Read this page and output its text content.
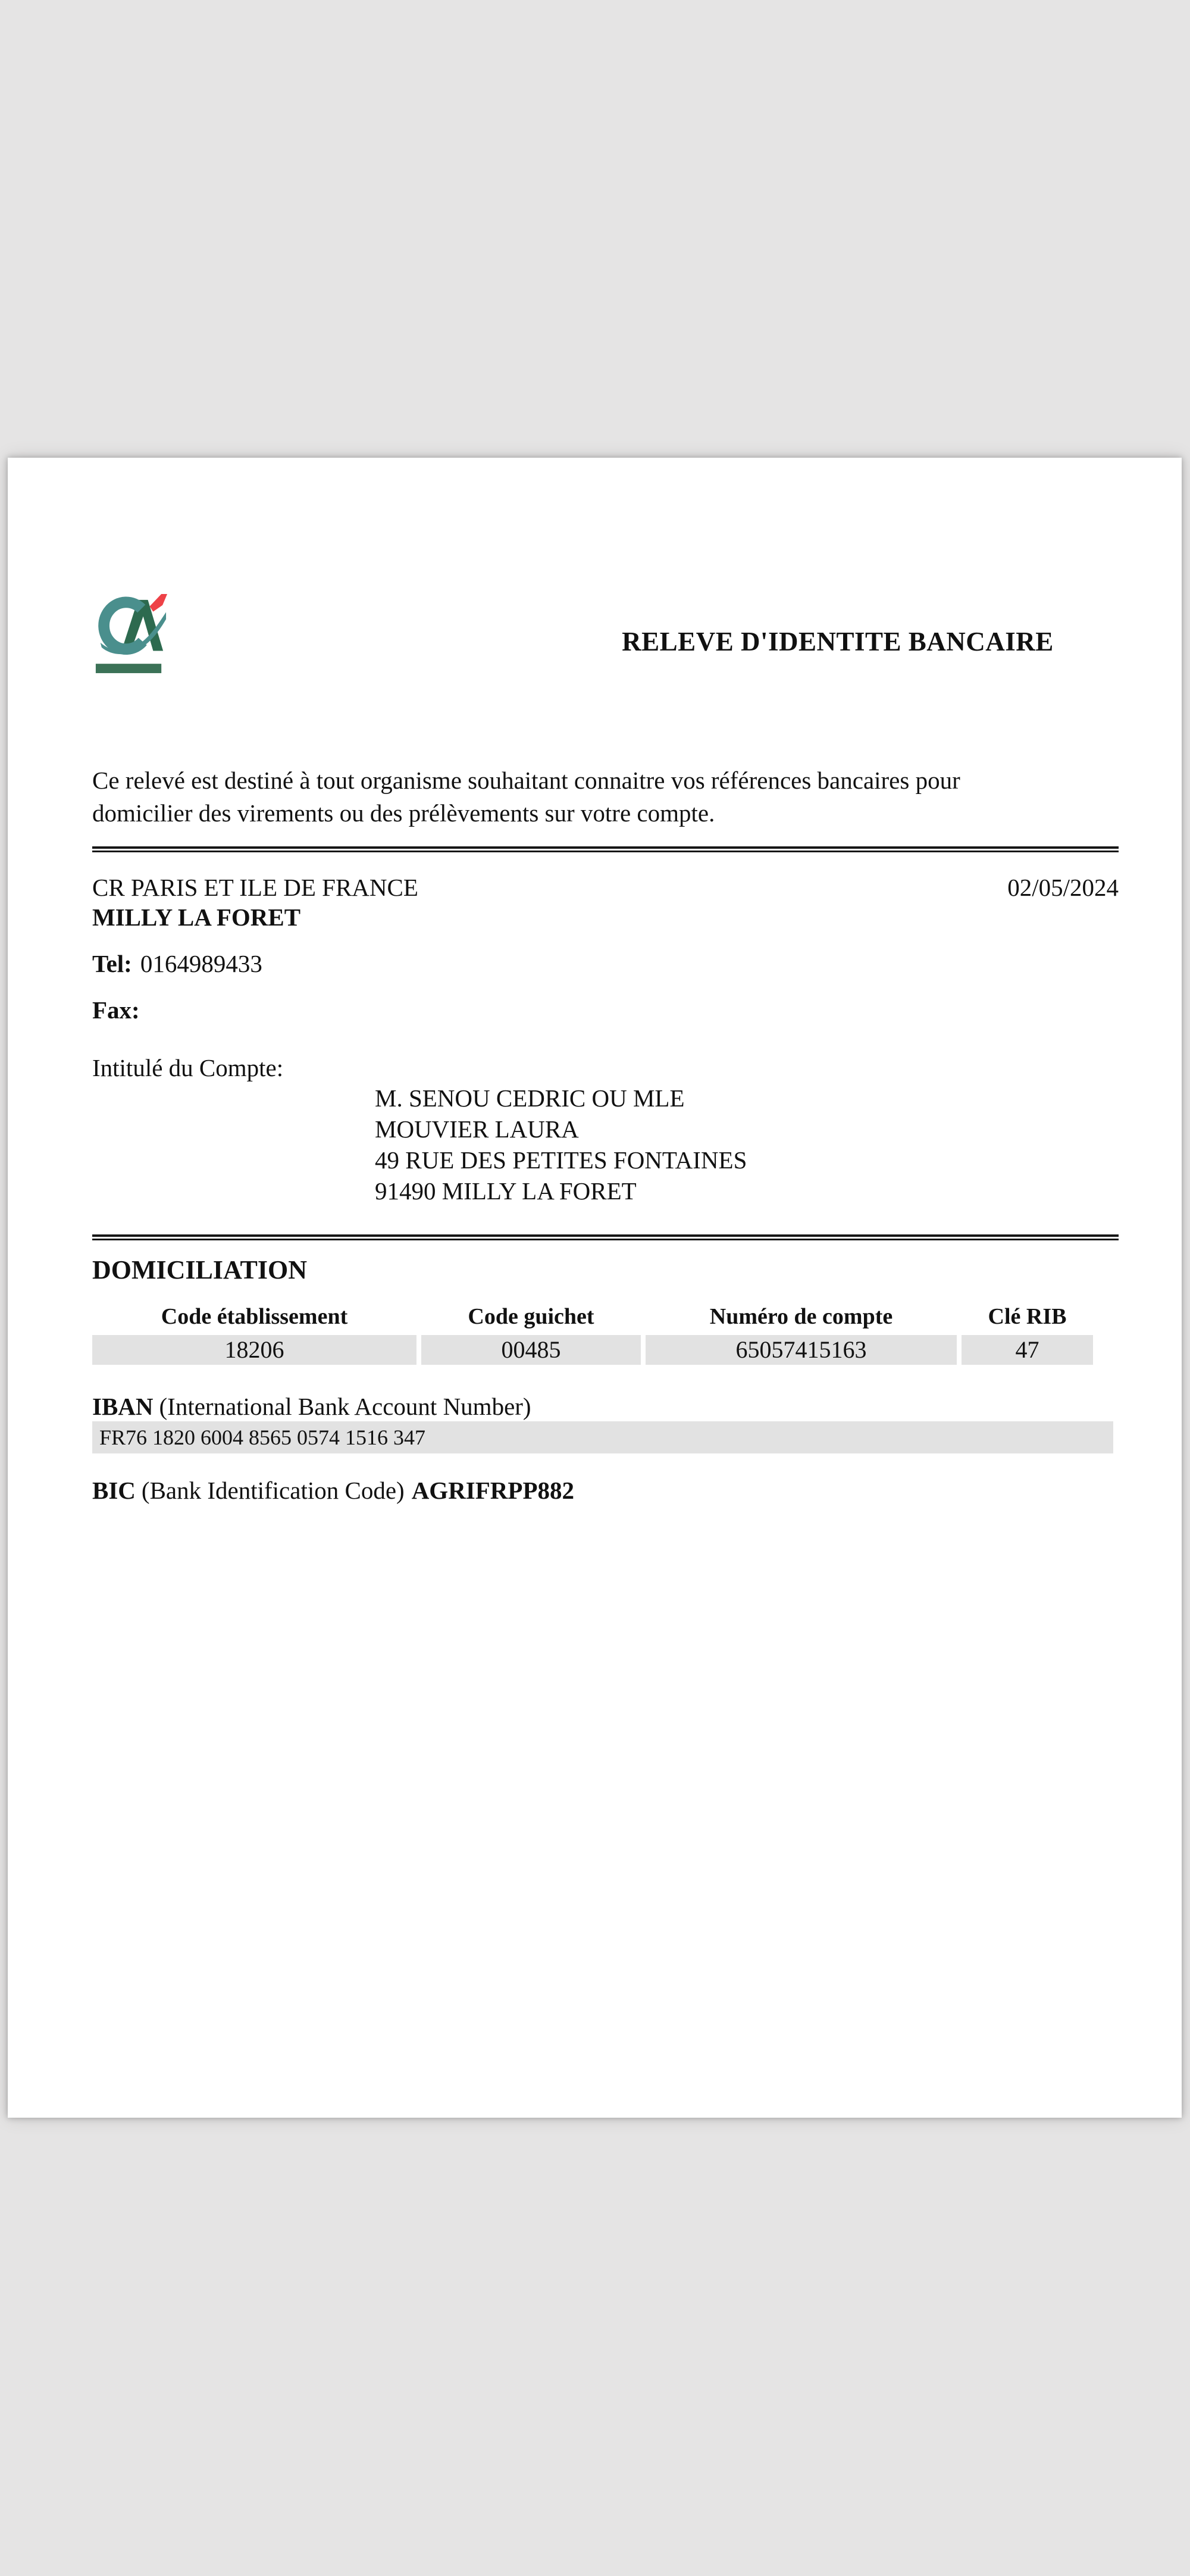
RELEVE D'IDENTITE BANCAIRE
Ce relevé est destiné à tout organisme souhaitant connaitre vos références bancaires pour
domicilier des virements ou des prélèvements sur votre compte.
CR PARIS ET ILE DE FRANCE	02/05/2024
MILLY LA FORET
Tel: 0164989433
Fax:
Intitulé du Compte:
M. SENOU CEDRIC OU MLE
MOUVIER LAURA
49 RUE DES PETITES FONTAINES
91490 MILLY LA FORET
DOMICILIATION
Code établissement	Code guichet	Numéro de compte	Clé RIB
18206	00485	65057415163	47
IBAN (International Bank Account Number)
FR76 1820 6004 8565 0574 1516 347
BIC (Bank Identification Code) AGRIFRPP882
